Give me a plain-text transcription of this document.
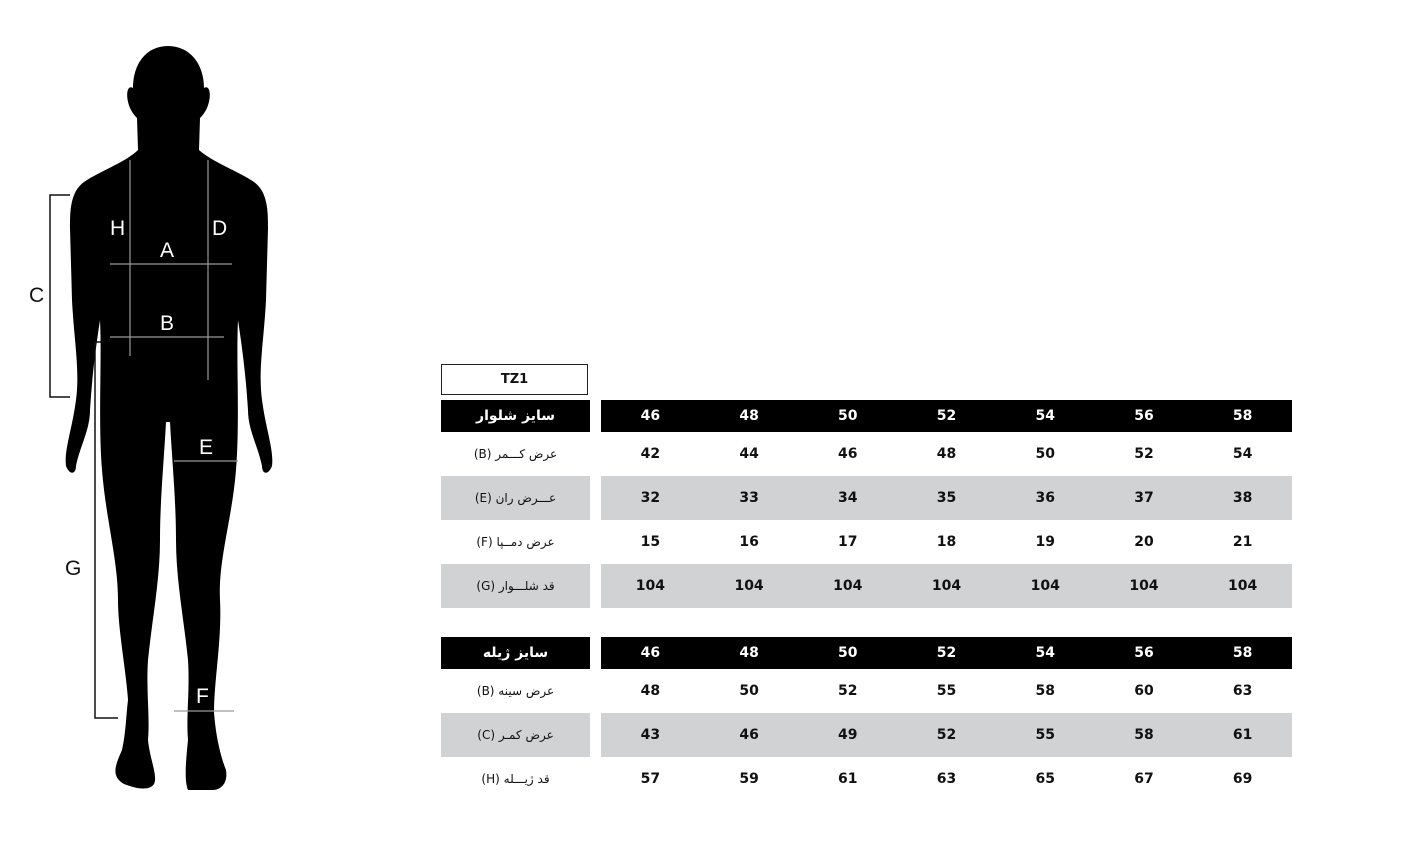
H	D
A
B
C
E
G
F
TZ1
سایز شلوار	46	48	50	52	54	56	58
عرض کـــمر (B)	42	44	46	48	50	52	54
عـــرض ران (E)	32	33	34	35	36	37	38
عرض دمــپا (F)	15	16	17	18	19	20	21
قد شلـــوار (G)	104	104	104	104	104	104	104
سایز ژیله	46	48	50	52	54	56	58
عرض سینه (B)	48	50	52	55	58	60	63
عرض کمـر (C)	43	46	49	52	55	58	61
قد ژیـــله (H)	57	59	61	63	65	67	69
